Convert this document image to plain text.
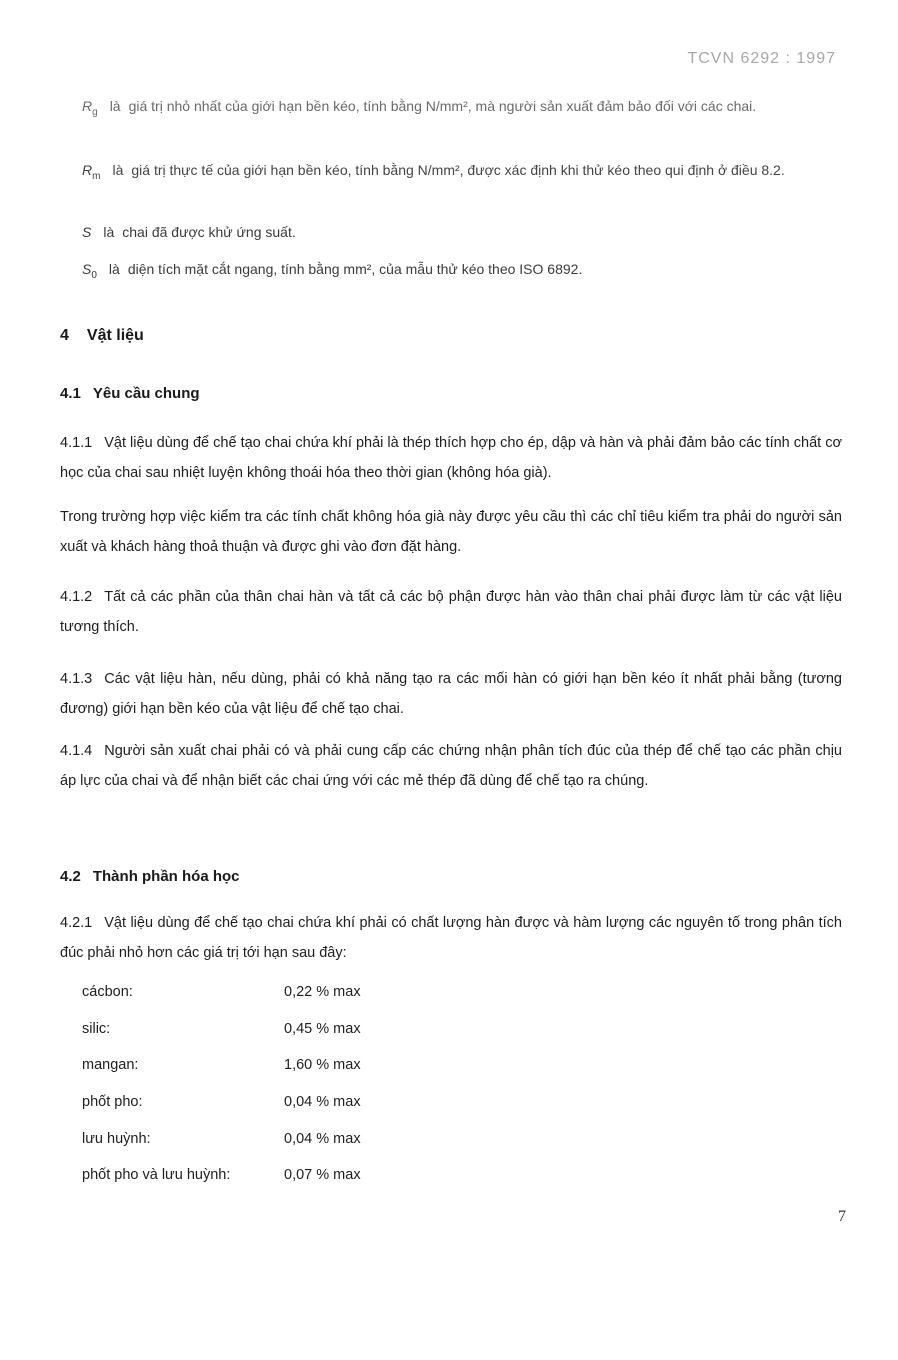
TCVN 6292 : 1997
$R_g$ là giá trị nhỏ nhất của giới hạn bền kéo, tính bằng N/mm², mà người sản xuất đảm bảo đối với các chai.
$R_m$ là giá trị thực tế của giới hạn bền kéo, tính bằng N/mm², được xác định khi thử kéo theo qui định ở điều 8.2.
S là chai đã được khử ứng suất.
$S_0$ là diện tích mặt cắt ngang, tính bằng mm², của mẫu thử kéo theo ISO 6892.
4 Vật liệu
4.1 Yêu cầu chung
4.1.1 Vật liệu dùng để chế tạo chai chứa khí phải là thép thích hợp cho ép, dập và hàn và phải đảm bảo các tính chất cơ học của chai sau nhiệt luyện không thoái hóa theo thời gian (không hóa già).
Trong trường hợp việc kiểm tra các tính chất không hóa già này được yêu cầu thì các chỉ tiêu kiểm tra phải do người sản xuất và khách hàng thoả thuận và được ghi vào đơn đặt hàng.
4.1.2 Tất cả các phần của thân chai hàn và tất cả các bộ phận được hàn vào thân chai phải được làm từ các vật liệu tương thích.
4.1.3 Các vật liệu hàn, nếu dùng, phải có khả năng tạo ra các mối hàn có giới hạn bền kéo ít nhất phải bằng (tương đương) giới hạn bền kéo của vật liệu để chế tạo chai.
4.1.4 Người sản xuất chai phải có và phải cung cấp các chứng nhận phân tích đúc của thép để chế tạo các phần chịu áp lực của chai và để nhận biết các chai ứng với các mẻ thép đã dùng để chế tạo ra chúng.
4.2 Thành phần hóa học
4.2.1 Vật liệu dùng để chế tạo chai chứa khí phải có chất lượng hàn được và hàm lượng các nguyên tố trong phân tích đúc phải nhỏ hơn các giá trị tới hạn sau đây:
cácbon:	0,22 % max
silic:	0,45 % max
mangan:	1,60 % max
phốt pho:	0,04 % max
lưu huỳnh:	0,04 % max
phốt pho và lưu huỳnh:	0,07 % max
7
